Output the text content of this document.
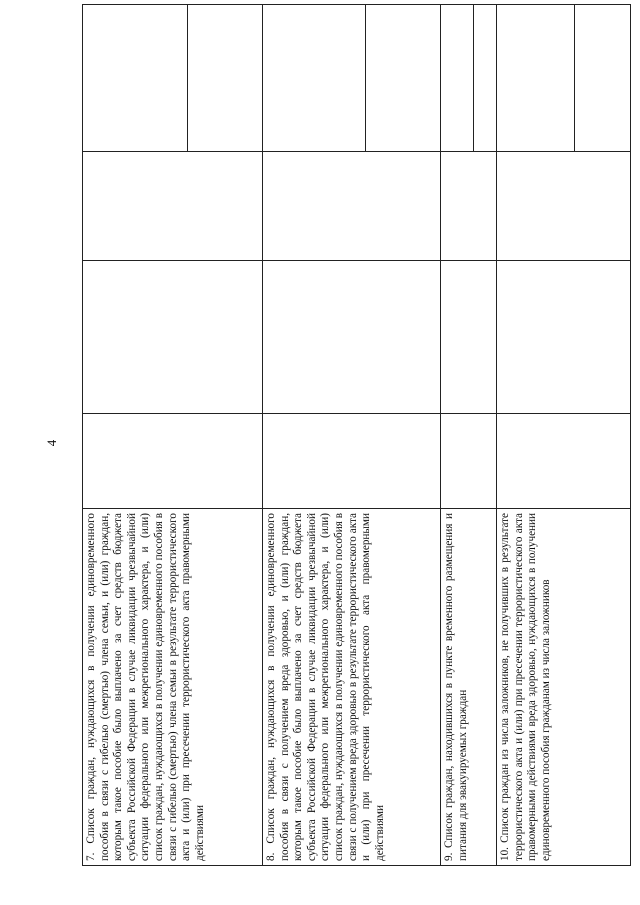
4
7. Список граждан, нуждающихся в получении единовременного пособия в связи с гибелью (смертью) члена семьи, и (или) граждан, которым такое пособие было выплачено за счет средств бюджета субъекта Российской Федерации в случае ликвидации чрезвычайной ситуации федерального или межрегионального характера, и (или) список граждан, нуждающихся в получении единовременного пособия в связи с гибелью (смертью) члена семьи в результате террористического акта и (или) при пресечении террористического акта правомерными действиями				

8. Список граждан, нуждающихся в получении единовременного пособия в связи с получением вреда здоровью, и (или) граждан, которым такое пособие было выплачено за счет средств бюджета субъекта Российской Федерации в случае ликвидации чрезвычайной ситуации федерального или межрегионального характера, и (или) список граждан, нуждающихся в получении единовременного пособия в связи с получением вреда здоровью в результате террористического акта и (или) при пресечении террористического акта правомерными действиями				

9. Список граждан, находившихся в пункте временного размещения и питания для эвакуируемых граждан				

10. Список граждан из числа заложников, не получивших в результате террористического акта и (или) при пресечении террористического акта правомерными действиями вреда здоровью, нуждающихся в получении единовременного пособия гражданам из числа заложников				
